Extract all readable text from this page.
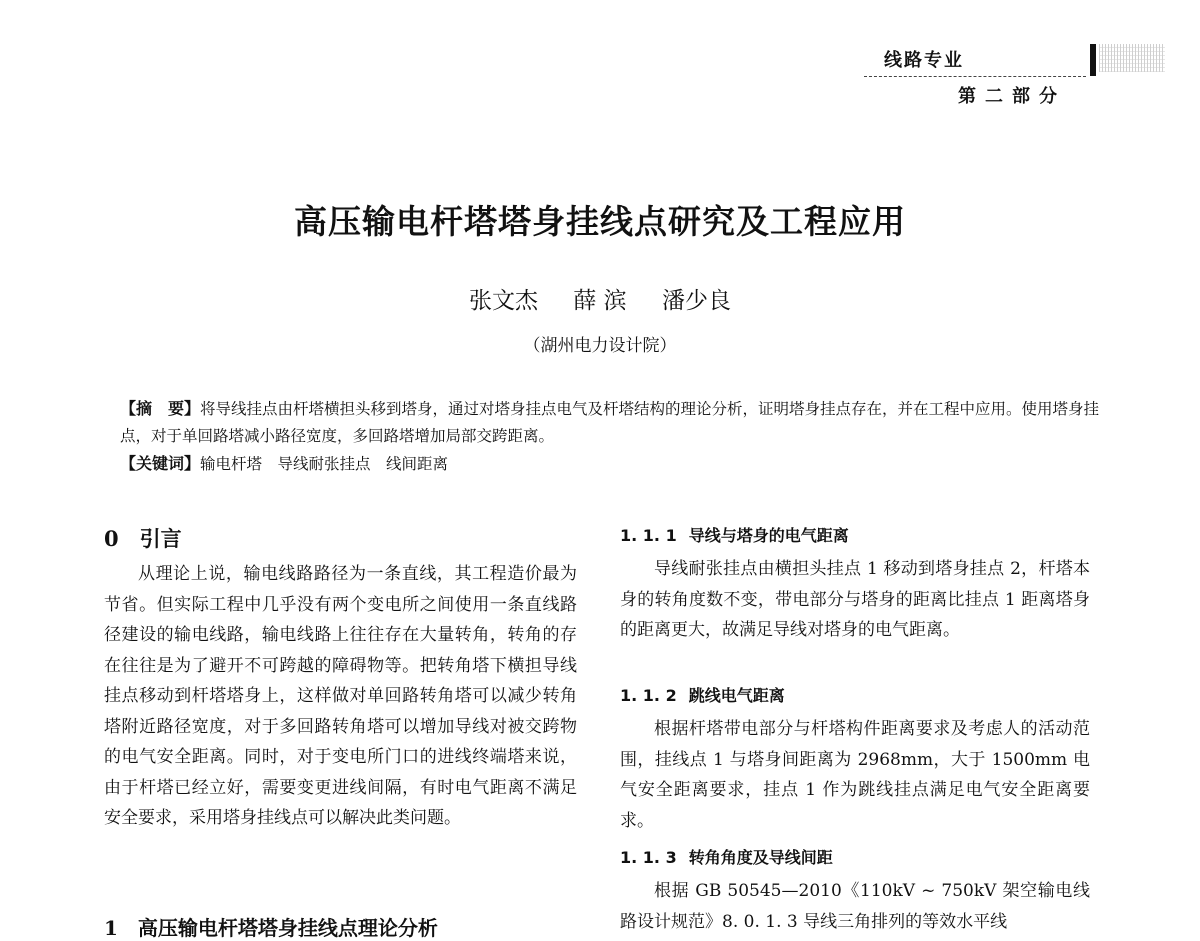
线路专业
第二部分
高压输电杆塔塔身挂线点研究及工程应用
张文杰 薛 滨 潘少良
（湖州电力设计院）
【摘　要】将导线挂点由杆塔横担头移到塔身，通过对塔身挂点电气及杆塔结构的理论分析，证明塔身挂点存在，并在工程中应用。使用塔身挂点，对于单回路塔减小路径宽度，多回路塔增加局部交跨距离。
【关键词】输电杆塔　导线耐张挂点　线间距离
0　引言

从理论上说，输电线路路径为一条直线，其工程造价最为节省。但实际工程中几乎没有两个变电所之间使用一条直线路径建设的输电线路，输电线路上往往存在大量转角，转角的存在往往是为了避开不可跨越的障碍物等。把转角塔下横担导线挂点移动到杆塔塔身上，这样做对单回路转角塔可以减少转角塔附近路径宽度，对于多回路转角塔可以增加导线对被交跨物的电气安全距离。同时，对于变电所门口的进线终端塔来说，由于杆塔已经立好，需要变更进线间隔，有时电气距离不满足安全要求，采用塔身挂线点可以解决此类问题。

1　高压输电杆塔塔身挂线点理论分析
1. 1. 1 导线与塔身的电气距离

导线耐张挂点由横担头挂点 1 移动到塔身挂点 2，杆塔本身的转角度数不变，带电部分与塔身的距离比挂点 1 距离塔身的距离更大，故满足导线对塔身的电气距离。

1. 1. 2 跳线电气距离

根据杆塔带电部分与杆塔构件距离要求及考虑人的活动范围，挂线点 1 与塔身间距离为 2968mm，大于 1500mm 电气安全距离要求，挂点 1 作为跳线挂点满足电气安全距离要求。

1. 1. 3 转角角度及导线间距

根据 GB 50545—2010《110kV ~ 750kV 架空输电线路设计规范》8. 0. 1. 3 导线三角排列的等效水平线
